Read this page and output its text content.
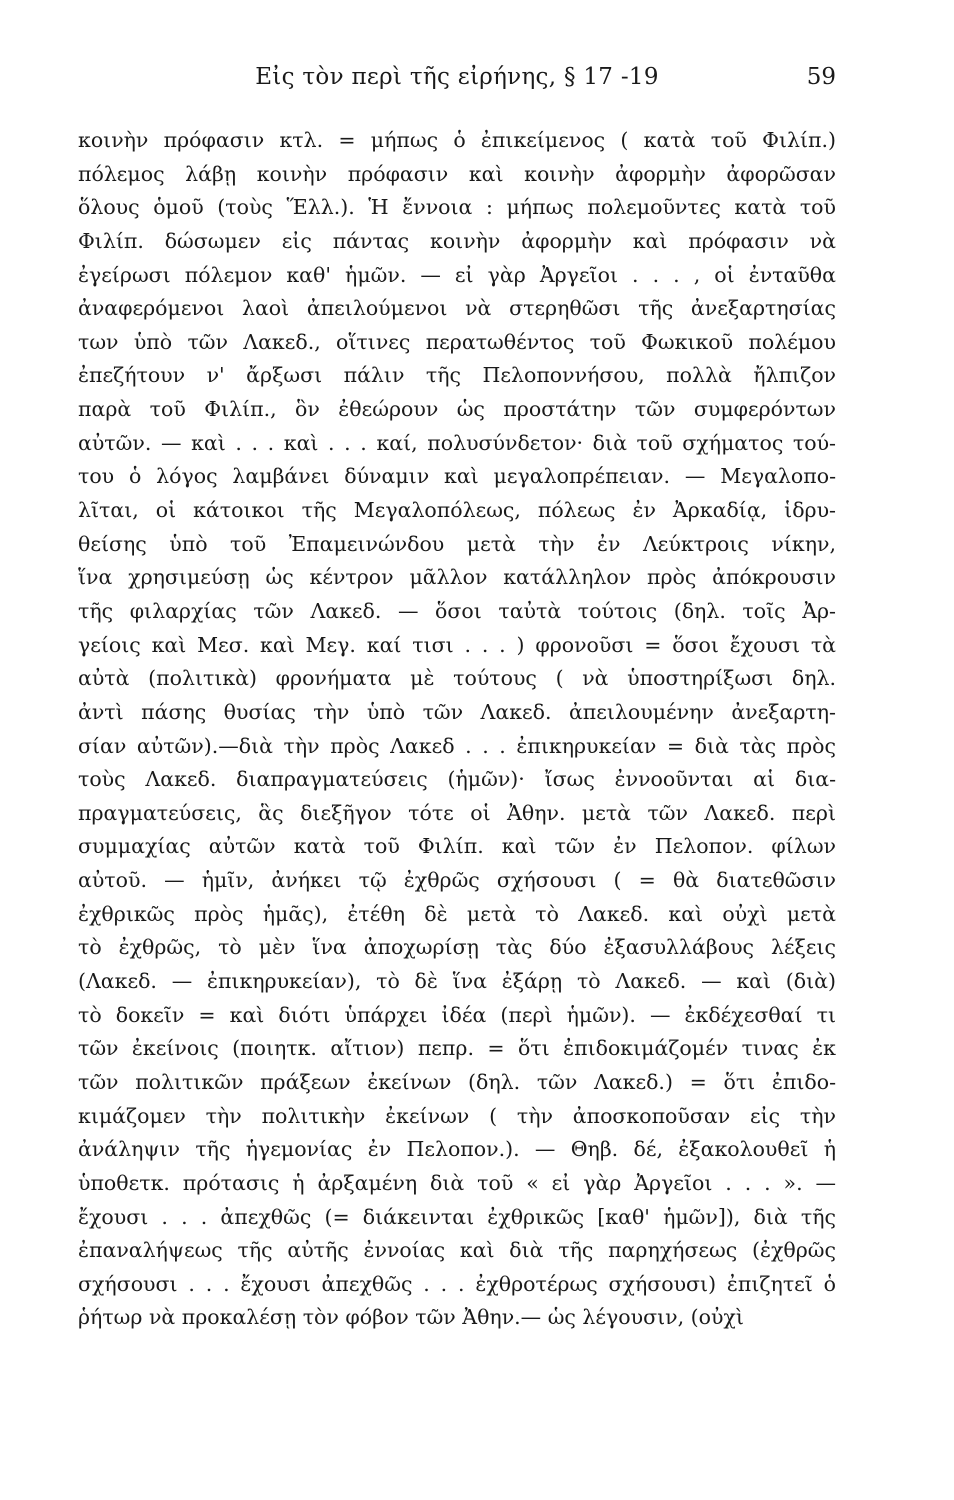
Εἰς τὸν περὶ τῆς εἰρήνης, § 17 -19	59
κοινὴν πρόφασιν κτλ. = μήπως ὁ ἐπικείμενος ( κατὰ τοῦ Φιλίπ.)
πόλεμος λάβῃ κοινὴν πρόφασιν καὶ κοινὴν ἀφορμὴν ἀφορῶσαν
ὅλους ὁμοῦ (τοὺς Ἕλλ.). Ἡ ἔννοια : μήπως πολεμοῦντες κατὰ τοῦ
Φιλίπ. δώσωμεν εἰς πάντας κοινὴν ἀφορμὴν καὶ πρόφασιν νὰ
ἐγείρωσι πόλεμον καθ' ἡμῶν. — εἰ γὰρ Ἀργεῖοι . . . , οἱ ἐνταῦθα
ἀναφερόμενοι λαοὶ ἀπειλούμενοι νὰ στερηθῶσι τῆς ἀνεξαρτησίας
των ὑπὸ τῶν Λακεδ., οἵτινες περατωθέντος τοῦ Φωκικοῦ πολέμου
ἐπεζήτουν ν' ἄρξωσι πάλιν τῆς Πελοποννήσου, πολλὰ ἤλπιζον
παρὰ τοῦ Φιλίπ., ὃν ἐθεώρουν ὡς προστάτην τῶν συμφερόντων
αὐτῶν. — καὶ . . . καὶ . . . καί, πολυσύνδετον· διὰ τοῦ σχήματος τού-
του ὁ λόγος λαμβάνει δύναμιν καὶ μεγαλοπρέπειαν. — Μεγαλοπο-
λῖται, οἱ κάτοικοι τῆς Μεγαλοπόλεως, πόλεως ἐν Ἀρκαδίᾳ, ἱδρυ-
θείσης ὑπὸ τοῦ Ἐπαμεινώνδου μετὰ τὴν ἐν Λεύκτροις νίκην,
ἵνα χρησιμεύσῃ ὡς κέντρον μᾶλλον κατάλληλον πρὸς ἀπόκρουσιν
τῆς φιλαρχίας τῶν Λακεδ. — ὅσοι ταὐτὰ τούτοις (δηλ. τοῖς Ἀρ-
γείοις καὶ Μεσ. καὶ Μεγ. καί τισι . . . ) φρονοῦσι = ὅσοι ἔχουσι τὰ
αὐτὰ (πολιτικὰ) φρονήματα μὲ τούτους ( νὰ ὑποστηρίξωσι δηλ.
ἀντὶ πάσης θυσίας τὴν ὑπὸ τῶν Λακεδ. ἀπειλουμένην ἀνεξαρτη-
σίαν αὐτῶν).—διὰ τὴν πρὸς Λακεδ . . . ἐπικηρυκείαν = διὰ τὰς πρὸς
τοὺς Λακεδ. διαπραγματεύσεις (ἡμῶν)· ἴσως ἐννοοῦνται αἱ δια-
πραγματεύσεις, ἃς διεξῆγον τότε οἱ Ἀθην. μετὰ τῶν Λακεδ. περὶ
συμμαχίας αὐτῶν κατὰ τοῦ Φιλίπ. καὶ τῶν ἐν Πελοπον. φίλων
αὐτοῦ. — ἡμῖν, ἀνήκει τῷ ἐχθρῶς σχήσουσι ( = θὰ διατεθῶσιν
ἐχθρικῶς πρὸς ἡμᾶς), ἐτέθη δὲ μετὰ τὸ Λακεδ. καὶ οὐχὶ μετὰ
τὸ ἐχθρῶς, τὸ μὲν ἵνα ἀποχωρίσῃ τὰς δύο ἐξασυλλάβους λέξεις
(Λακεδ. — ἐπικηρυκείαν), τὸ δὲ ἵνα ἐξάρῃ τὸ Λακεδ. — καὶ (διὰ)
τὸ δοκεῖν = καὶ διότι ὑπάρχει ἰδέα (περὶ ἡμῶν). — ἐκδέχεσθαί τι
τῶν ἐκείνοις (ποιητκ. αἴτιον) πεπρ. = ὅτι ἐπιδοκιμάζομέν τινας ἐκ
τῶν πολιτικῶν πράξεων ἐκείνων (δηλ. τῶν Λακεδ.) = ὅτι ἐπιδο-
κιμάζομεν τὴν πολιτικὴν ἐκείνων ( τὴν ἀποσκοποῦσαν εἰς τὴν
ἀνάληψιν τῆς ἡγεμονίας ἐν Πελοπον.). — Θηβ. δέ, ἐξακολουθεῖ ἡ
ὑποθετκ. πρότασις ἡ ἀρξαμένη διὰ τοῦ « εἰ γὰρ Ἀργεῖοι . . . ». —
ἔχουσι . . . ἀπεχθῶς (= διάκεινται ἐχθρικῶς [καθ' ἡμῶν]), διὰ τῆς
ἐπαναλήψεως τῆς αὐτῆς ἐννοίας καὶ διὰ τῆς παρηχήσεως (ἐχθρῶς
σχήσουσι . . . ἔχουσι ἀπεχθῶς . . . ἐχθροτέρως σχήσουσι) ἐπιζητεῖ ὁ
ῥήτωρ νὰ προκαλέσῃ τὸν φόβον τῶν Ἀθην.— ὡς λέγουσιν, (οὐχὶ
